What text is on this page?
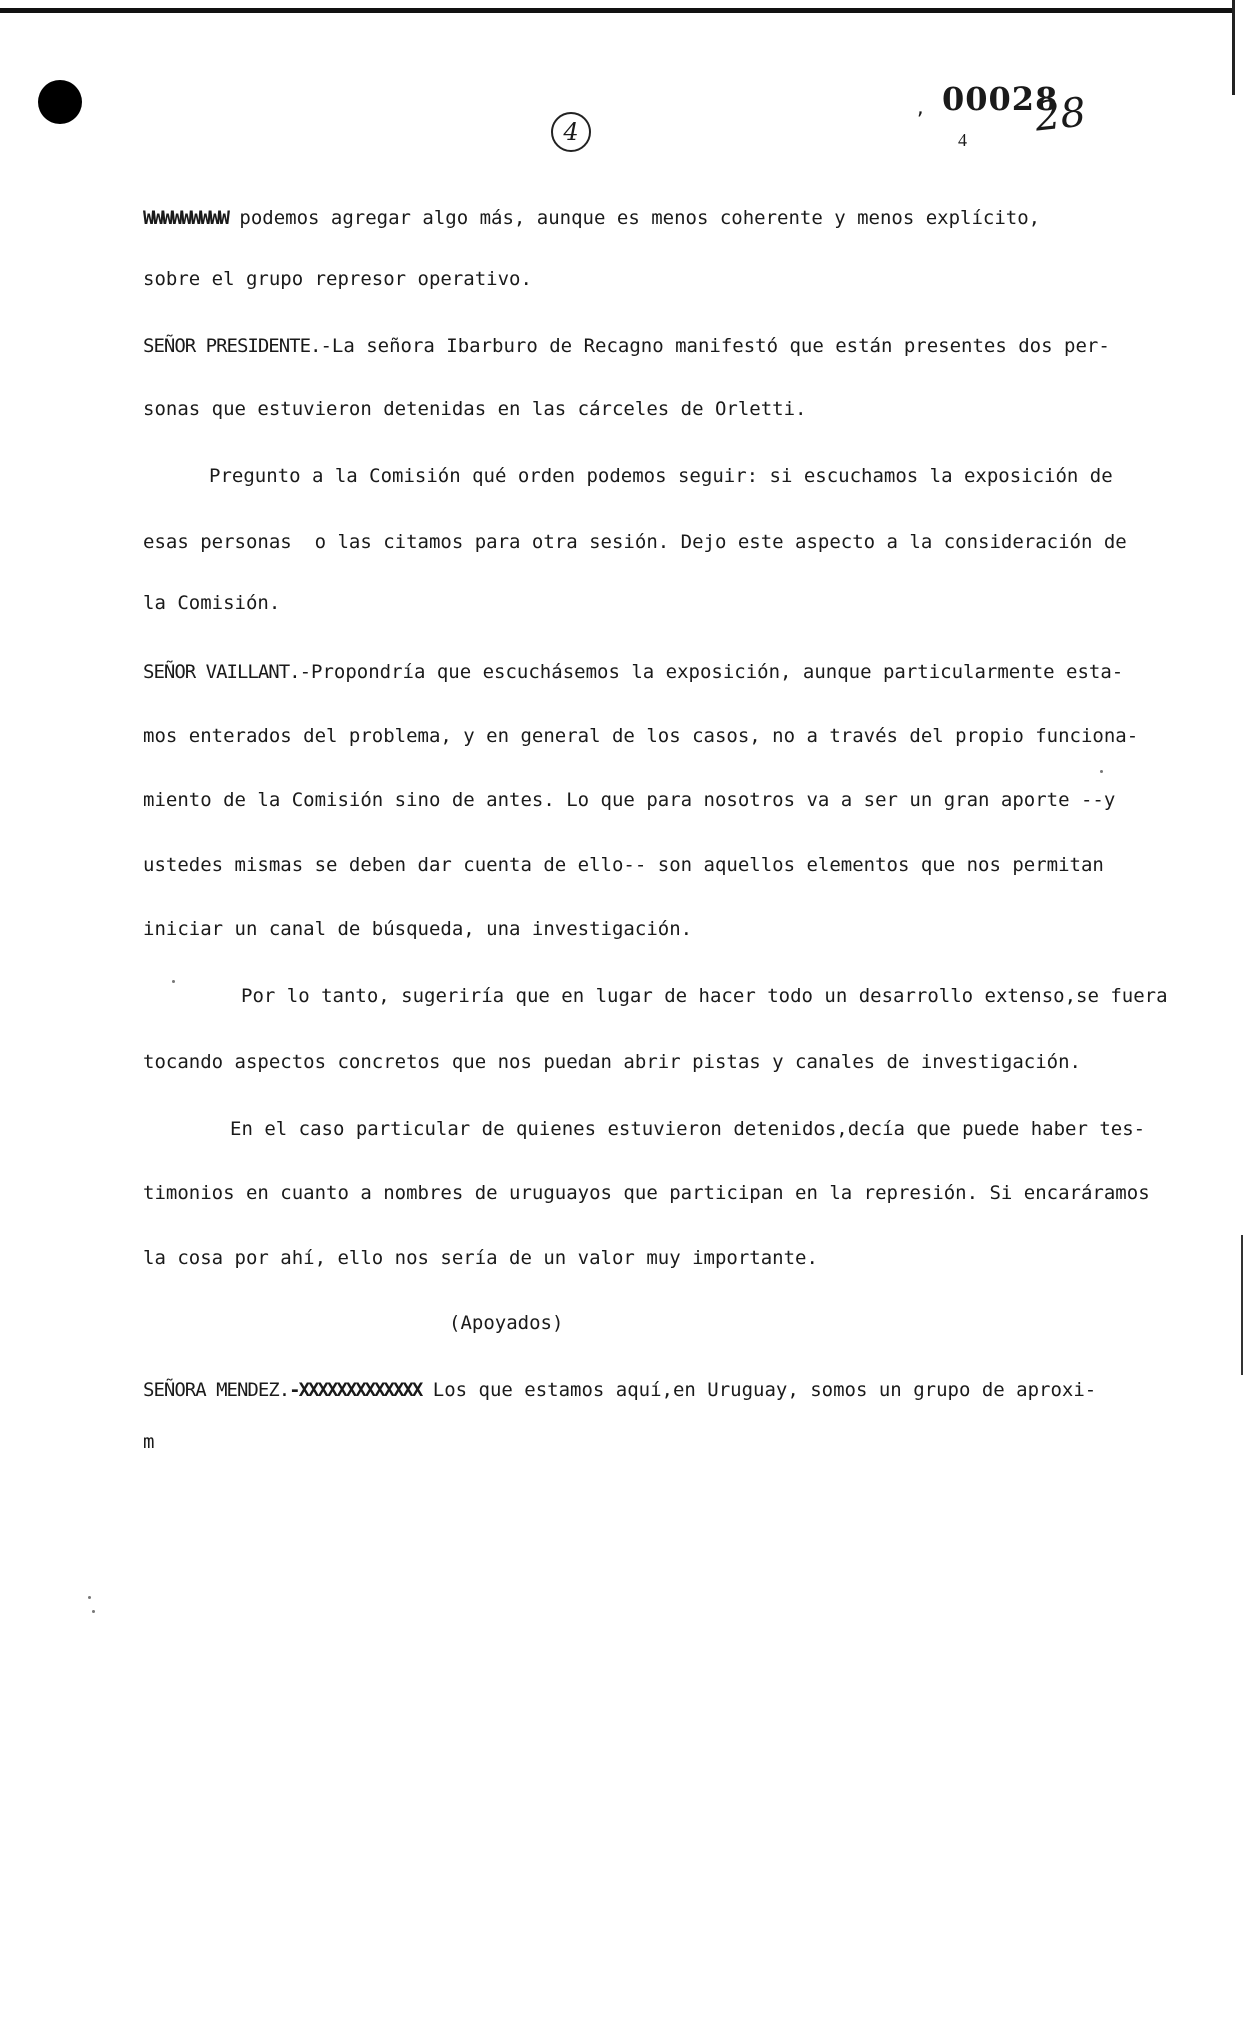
, 00028
4 28
4
WWWWWWWWW podemos agregar algo más, aunque es menos coherente y menos explícito,
sobre el grupo represor operativo.
SEÑOR PRESIDENTE.-La señora Ibarburo de Recagno manifestó que están presentes dos per-
sonas que estuvieron detenidas en las cárceles de Orletti.
Pregunto a la Comisión qué orden podemos seguir: si escuchamos la exposición de
esas personas  o las citamos para otra sesión. Dejo este aspecto a la consideración de
la Comisión.
SEÑOR VAILLANT.-Propondría que escuchásemos la exposición, aunque particularmente esta-
mos enterados del problema, y en general de los casos, no a través del propio funciona-
miento de la Comisión sino de antes. Lo que para nosotros va a ser un gran aporte --y
ustedes mismas se deben dar cuenta de ello-- son aquellos elementos que nos permitan
iniciar un canal de búsqueda, una investigación.
Por lo tanto, sugeriría que en lugar de hacer todo un desarrollo extenso,se fuera
tocando aspectos concretos que nos puedan abrir pistas y canales de investigación.
En el caso particular de quienes estuvieron detenidos,decía que puede haber tes-
timonios en cuanto a nombres de uruguayos que participan en la represión. Si encaráramos
la cosa por ahí, ello nos sería de un valor muy importante.
(Apoyados)
SEÑORA MENDEZ.-XXXXXXXXXXXXX Los que estamos aquí,en Uruguay, somos un grupo de aproxi-
m
